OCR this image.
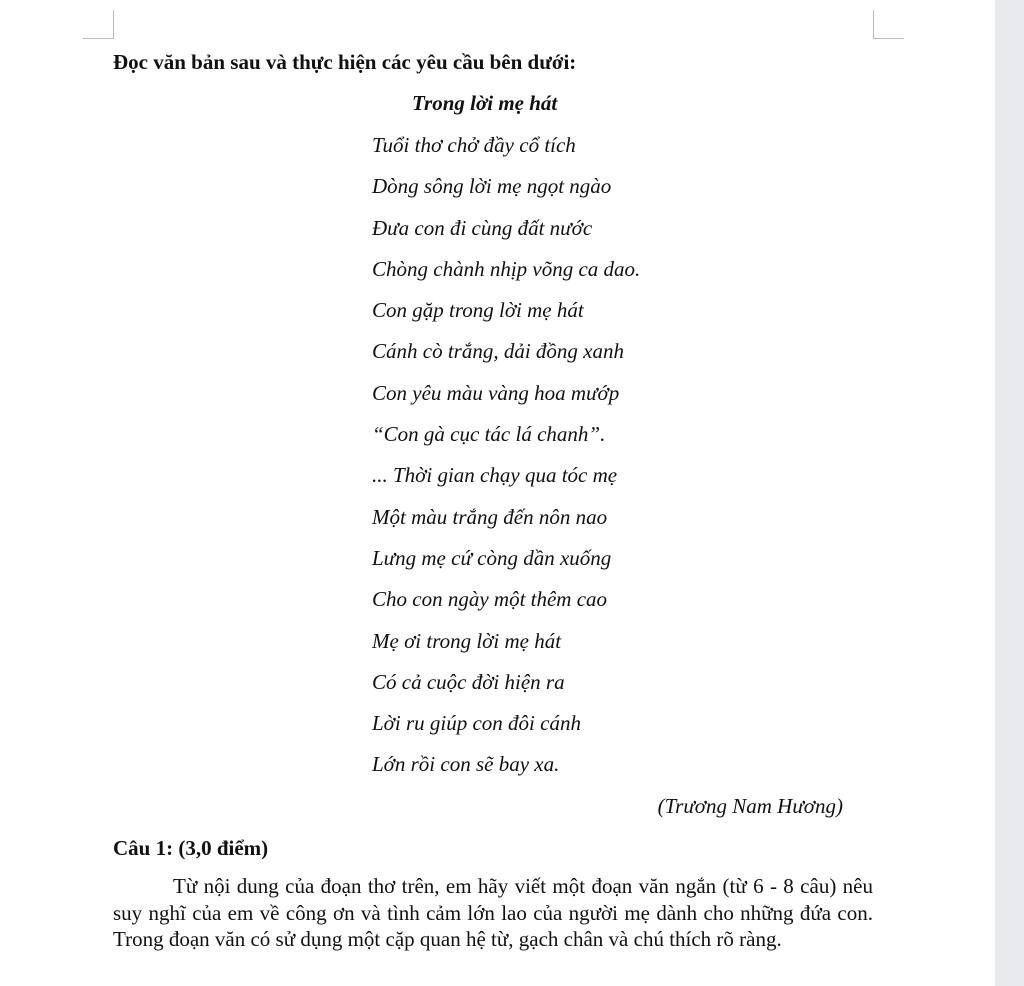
Đọc văn bản sau và thực hiện các yêu cầu bên dưới:
Trong lời mẹ hát
Tuổi thơ chở đầy cổ tích
Dòng sông lời mẹ ngọt ngào
Đưa con đi cùng đất nước
Chòng chành nhịp võng ca dao.
Con gặp trong lời mẹ hát
Cánh cò trắng, dải đồng xanh
Con yêu màu vàng hoa mướp
“Con gà cục tác lá chanh”.
... Thời gian chạy qua tóc mẹ
Một màu trắng đến nôn nao
Lưng mẹ cứ còng dần xuống
Cho con ngày một thêm cao
Mẹ ơi trong lời mẹ hát
Có cả cuộc đời hiện ra
Lời ru giúp con đôi cánh
Lớn rồi con sẽ bay xa.
(Trương Nam Hương)
Câu 1: (3,0 điểm)

Từ nội dung của đoạn thơ trên, em hãy viết một đoạn văn ngắn (từ 6 - 8 câu) nêu suy nghĩ của em về công ơn và tình cảm lớn lao của người mẹ dành cho những đứa con. Trong đoạn văn có sử dụng một cặp quan hệ từ, gạch chân và chú thích rõ ràng.
